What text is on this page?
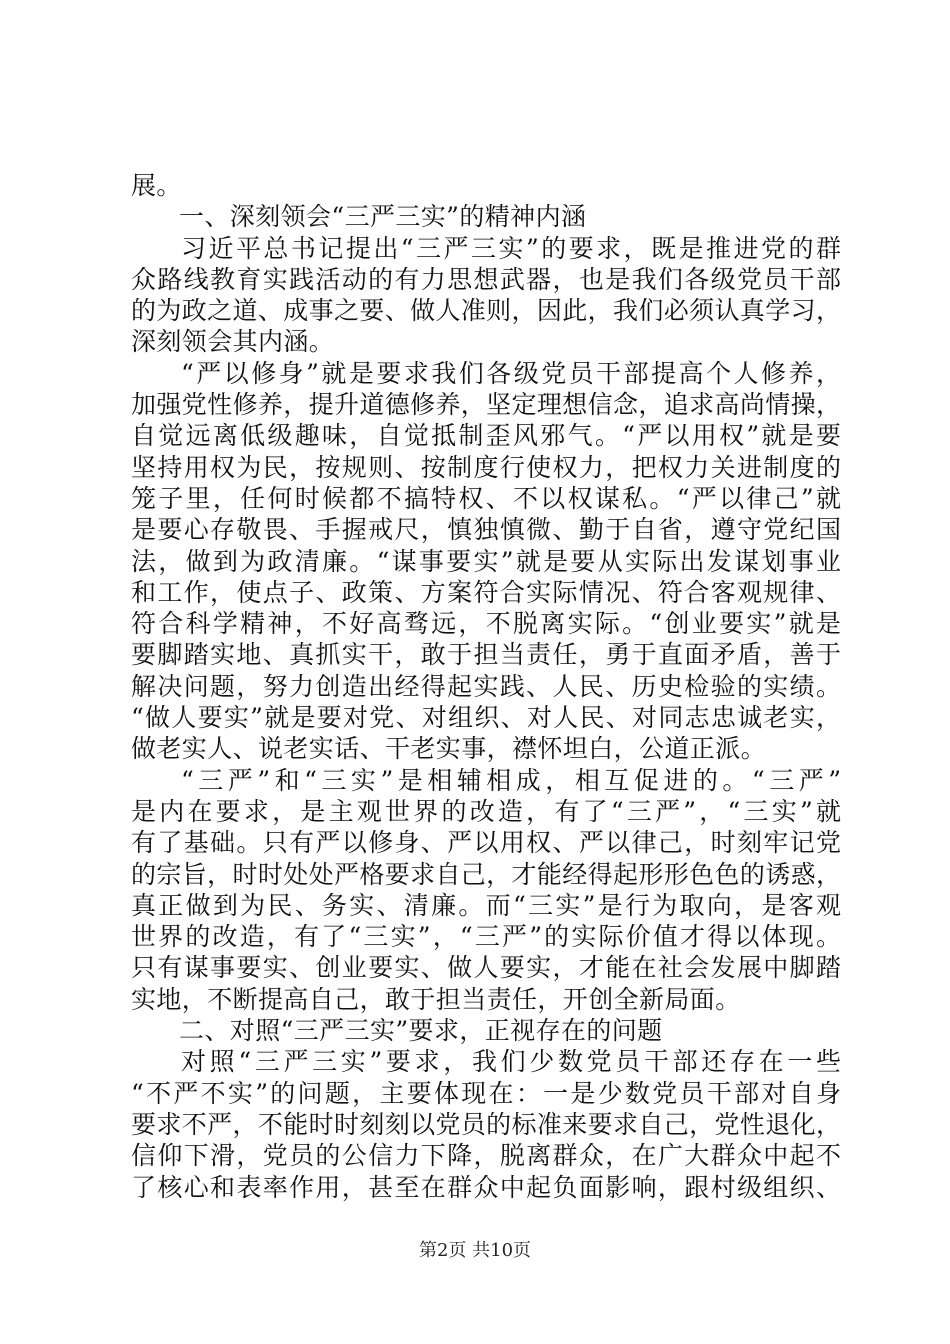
展。
一、深刻领会“三严三实”的精神内涵
习近平总书记提出“三严三实”的要求，既是推进党的群
众路线教育实践活动的有力思想武器，也是我们各级党员干部
的为政之道、成事之要、做人准则，因此，我们必须认真学习，
深刻领会其内涵。
“严以修身”就是要求我们各级党员干部提高个人修养，
加强党性修养，提升道德修养，坚定理想信念，追求高尚情操，
自觉远离低级趣味，自觉抵制歪风邪气。“严以用权”就是要
坚持用权为民，按规则、按制度行使权力，把权力关进制度的
笼子里，任何时候都不搞特权、不以权谋私。“严以律己”就
是要心存敬畏、手握戒尺，慎独慎微、勤于自省，遵守党纪国
法，做到为政清廉。“谋事要实”就是要从实际出发谋划事业
和工作，使点子、政策、方案符合实际情况、符合客观规律、
符合科学精神，不好高骛远，不脱离实际。“创业要实”就是
要脚踏实地、真抓实干，敢于担当责任，勇于直面矛盾，善于
解决问题，努力创造出经得起实践、人民、历史检验的实绩。
“做人要实”就是要对党、对组织、对人民、对同志忠诚老实，
做老实人、说老实话、干老实事，襟怀坦白，公道正派。
“三严”和“三实”是相辅相成，相互促进的。“三严”
是内在要求，是主观世界的改造，有了“三严”，“三实”就
有了基础。只有严以修身、严以用权、严以律己，时刻牢记党
的宗旨，时时处处严格要求自己，才能经得起形形色色的诱惑，
真正做到为民、务实、清廉。而“三实”是行为取向，是客观
世界的改造，有了“三实”，“三严”的实际价值才得以体现。
只有谋事要实、创业要实、做人要实，才能在社会发展中脚踏
实地，不断提高自己，敢于担当责任，开创全新局面。
二、对照“三严三实”要求，正视存在的问题
对照“三严三实”要求，我们少数党员干部还存在一些
“不严不实”的问题，主要体现在：一是少数党员干部对自身
要求不严，不能时时刻刻以党员的标准来要求自己，党性退化，
信仰下滑，党员的公信力下降，脱离群众，在广大群众中起不
了核心和表率作用，甚至在群众中起负面影响，跟村级组织、
第2页 共10页
